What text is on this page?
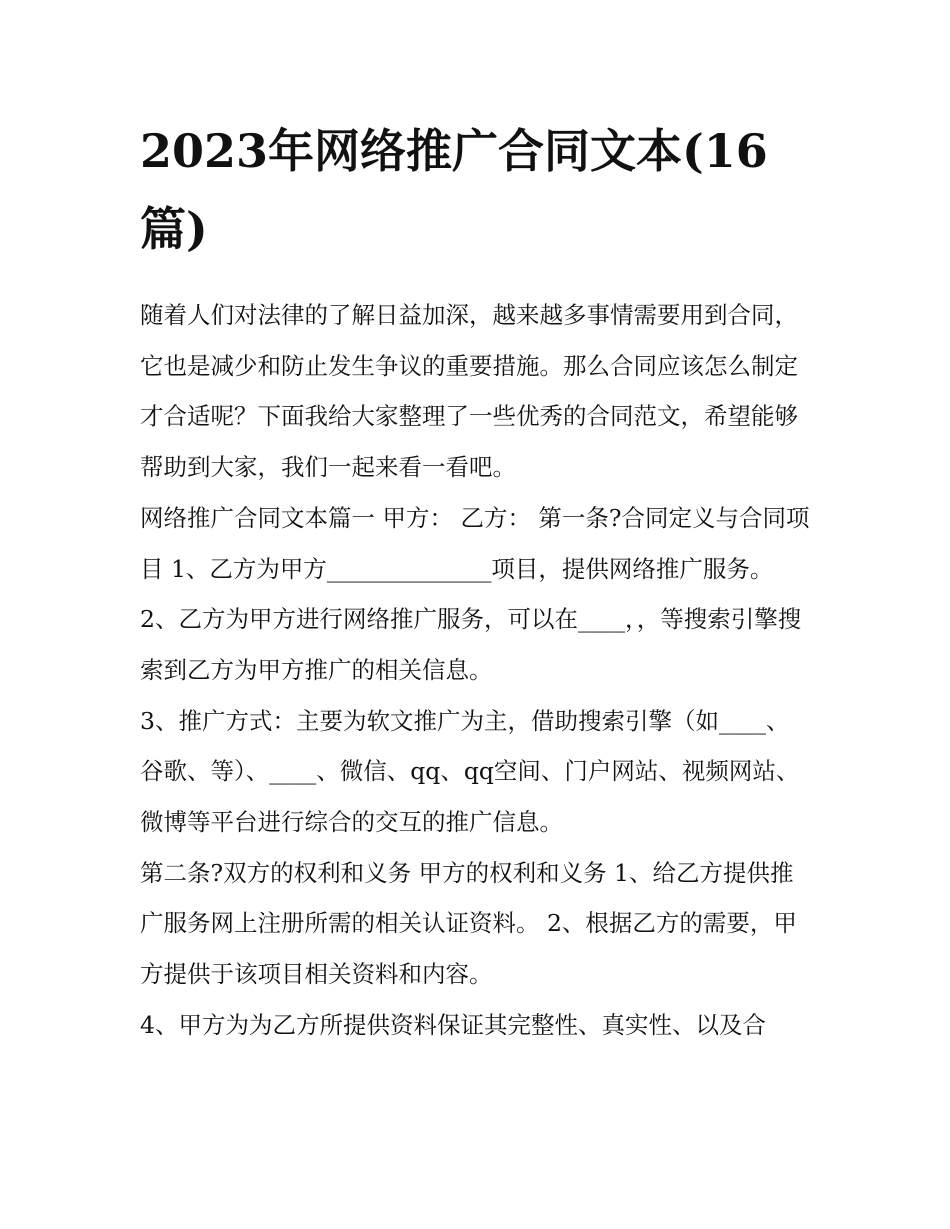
2023年网络推广合同文本(16篇)

随着人们对法律的了解日益加深，越来越多事情需要用到合同，它也是减少和防止发生争议的重要措施。那么合同应该怎么制定才合适呢？下面我给大家整理了一些优秀的合同范文，希望能够帮助到大家，我们一起来看一看吧。

网络推广合同文本篇一 甲方： 乙方： 第一条?合同定义与合同项目 1、乙方为甲方______________项目，提供网络推广服务。

2、乙方为甲方进行网络推广服务，可以在____，，等搜索引擎搜索到乙方为甲方推广的相关信息。

3、推广方式：主要为软文推广为主，借助搜索引擎（如____、谷歌、等）、____、微信、qq、qq空间、门户网站、视频网站、微博等平台进行综合的交互的推广信息。

第二条?双方的权利和义务 甲方的权利和义务 1、给乙方提供推广服务网上注册所需的相关认证资料。 2、根据乙方的需要，甲方提供于该项目相关资料和内容。

4、甲方为为乙方所提供资料保证其完整性、真实性、以及合
